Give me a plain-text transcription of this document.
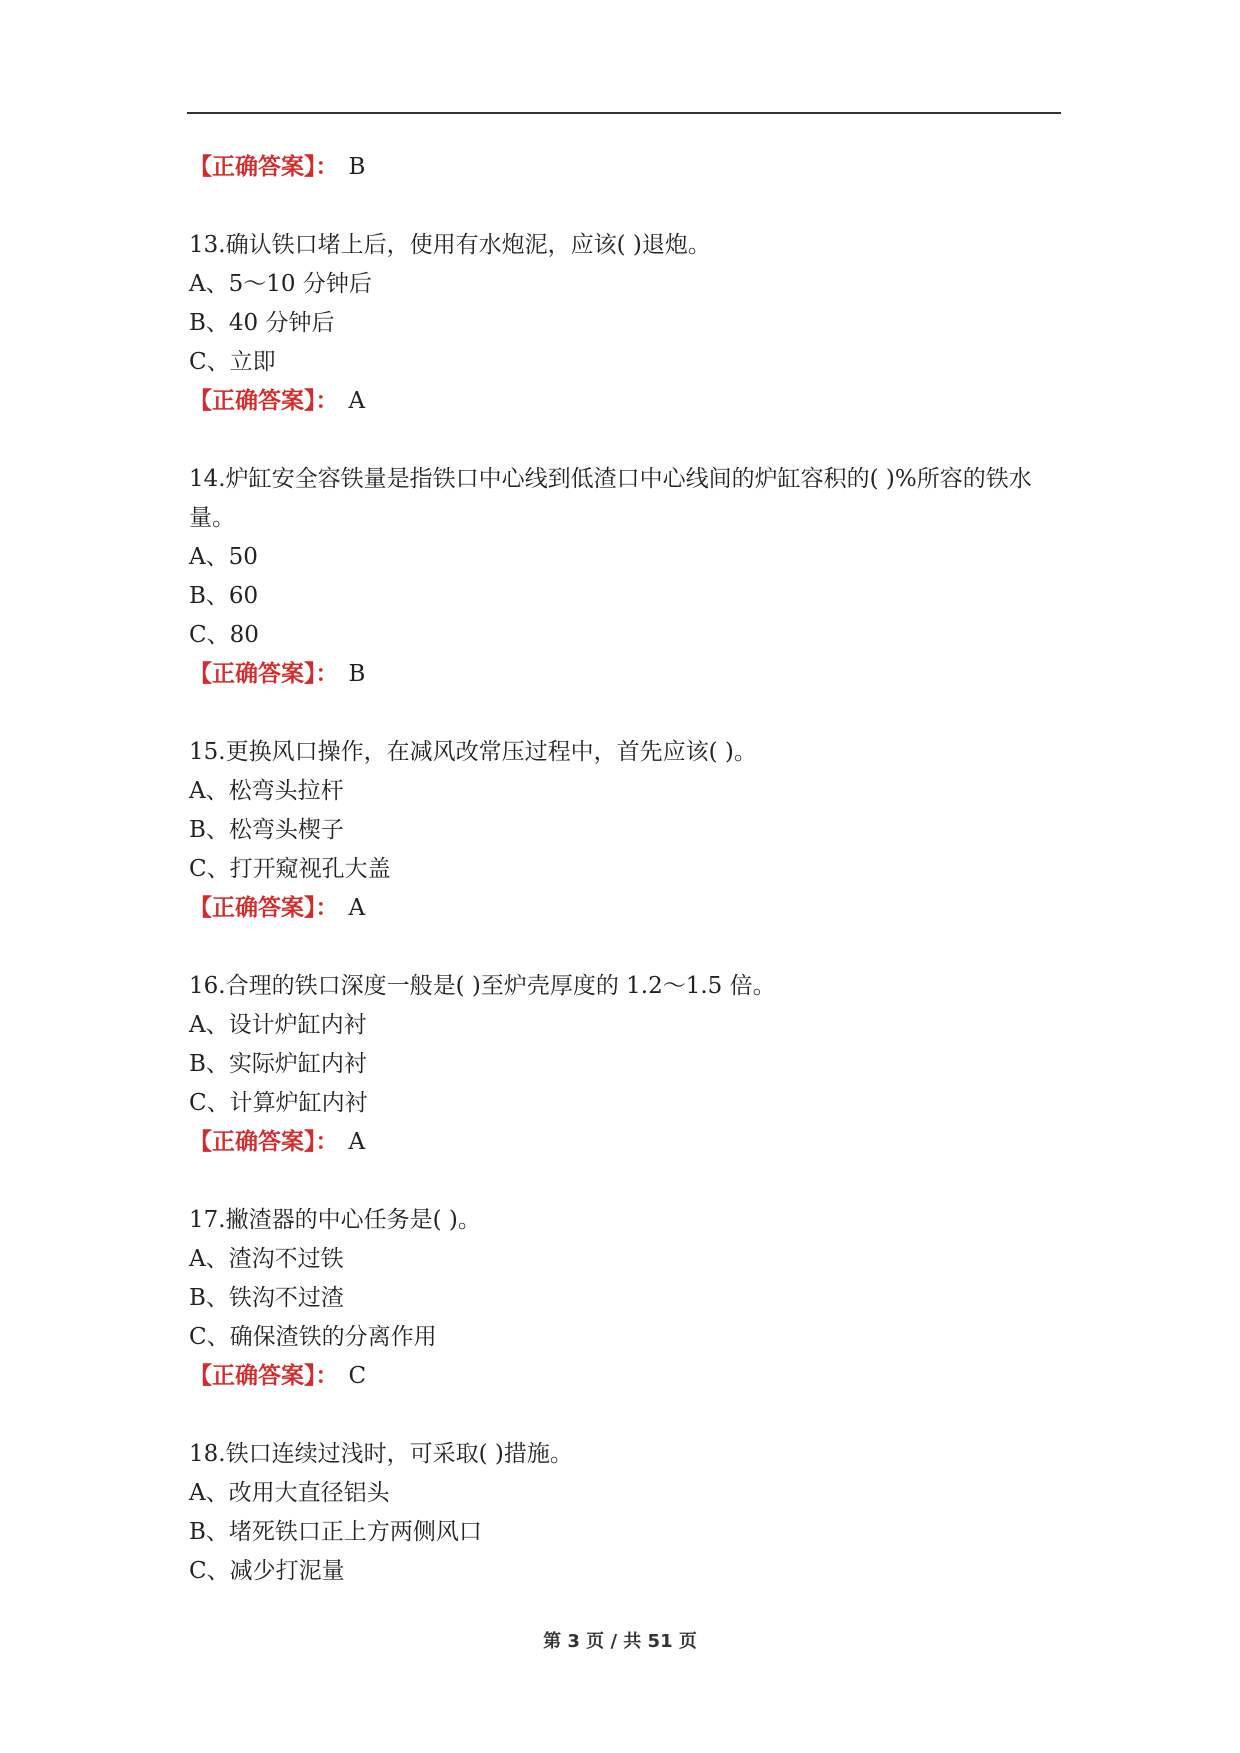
【正确答案】： B
13.确认铁口堵上后，使用有水炮泥，应该( )退炮。
A、5～10 分钟后
B、40 分钟后
C、立即
【正确答案】： A
14.炉缸安全容铁量是指铁口中心线到低渣口中心线间的炉缸容积的( )%所容的铁水量。
A、50
B、60
C、80
【正确答案】： B
15.更换风口操作，在减风改常压过程中，首先应该( )。
A、松弯头拉杆
B、松弯头楔子
C、打开窥视孔大盖
【正确答案】： A
16.合理的铁口深度一般是( )至炉壳厚度的 1.2～1.5 倍。
A、设计炉缸内衬
B、实际炉缸内衬
C、计算炉缸内衬
【正确答案】： A
17.撇渣器的中心任务是( )。
A、渣沟不过铁
B、铁沟不过渣
C、确保渣铁的分离作用
【正确答案】： C
18.铁口连续过浅时，可采取( )措施。
A、改用大直径铝头
B、堵死铁口正上方两侧风口
C、减少打泥量
第 3 页 / 共 51 页
